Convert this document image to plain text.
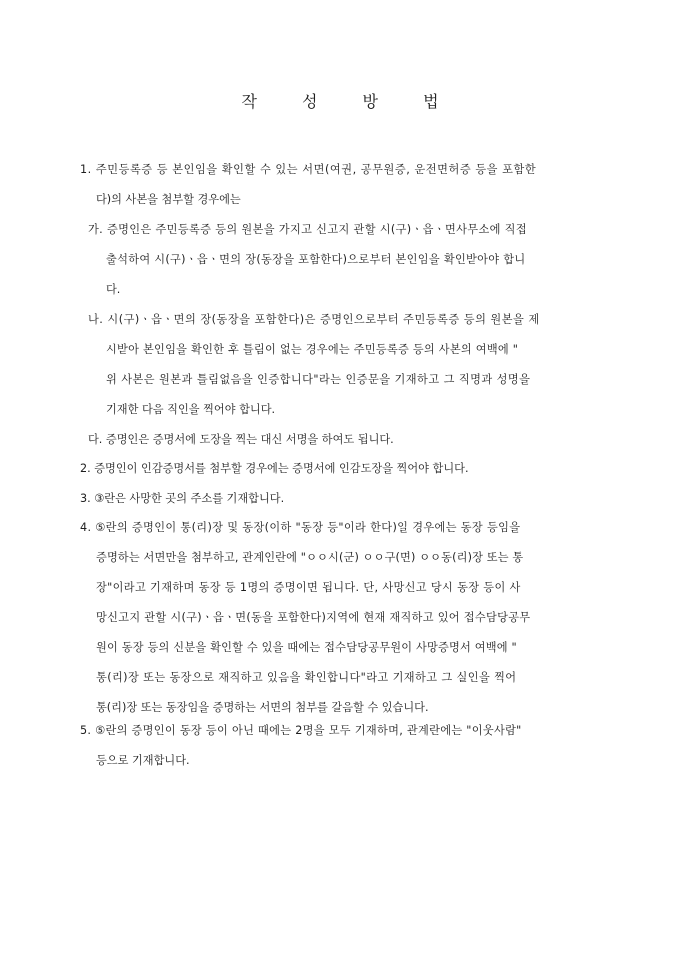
작 성 방 법
1. 주민등록증 등 본인임을 확인할 수 있는 서면(여권, 공무원증, 운전면허증 등을 포함한
다)의 사본을 첨부할 경우에는
가. 증명인은 주민등록증 등의 원본을 가지고 신고지 관할 시(구)ㆍ읍ㆍ면사무소에 직접
출석하여 시(구)ㆍ읍ㆍ면의 장(동장을 포함한다)으로부터 본인임을 확인받아야 합니
다.
나. 시(구)ㆍ읍ㆍ면의 장(동장을 포함한다)은 증명인으로부터 주민등록증 등의 원본을 제
시받아 본인임을 확인한 후 틀림이 없는 경우에는 주민등록증 등의 사본의 여백에 "
위 사본은 원본과 틀림없음을 인증합니다"라는 인증문을 기재하고 그 직명과 성명을
기재한 다음 직인을 찍어야 합니다.
다. 증명인은 증명서에 도장을 찍는 대신 서명을 하여도 됩니다.
2. 증명인이 인감증명서를 첨부할 경우에는 증명서에 인감도장을 찍어야 합니다.
3. ③란은 사망한 곳의 주소를 기재합니다.
4. ⑤란의 증명인이 통(리)장 및 동장(이하 "동장 등"이라 한다)일 경우에는 동장 등임을
증명하는 서면만을 첨부하고, 관계인란에 "ㅇㅇ시(군) ㅇㅇ구(면) ㅇㅇ동(리)장 또는 통
장"이라고 기재하며 동장 등 1명의 증명이면 됩니다. 단, 사망신고 당시 동장 등이 사
망신고지 관할 시(구)ㆍ읍ㆍ면(동을 포함한다)지역에 현재 재직하고 있어 접수담당공무
원이 동장 등의 신분을 확인할 수 있을 때에는 접수담당공무원이 사망증명서 여백에 "
통(리)장 또는 동장으로 재직하고 있음을 확인합니다"라고 기재하고 그 실인을 찍어
통(리)장 또는 동장임을 증명하는 서면의 첨부를 갈음할 수 있습니다.
5. ⑤란의 증명인이 동장 등이 아닌 때에는 2명을 모두 기재하며, 관계란에는 "이웃사람"
등으로 기재합니다.
